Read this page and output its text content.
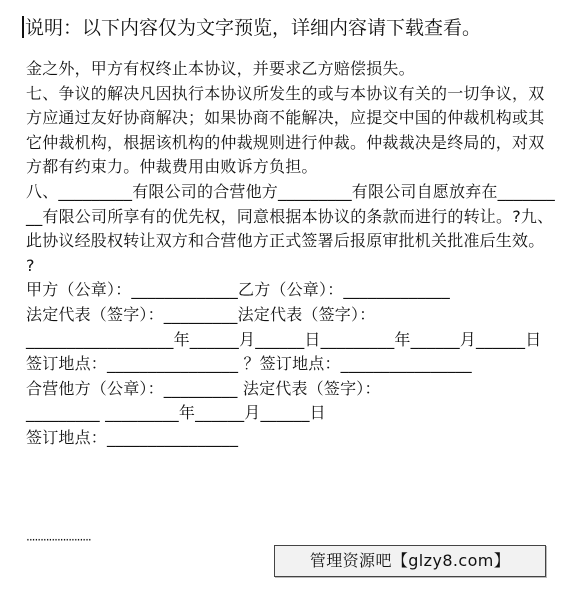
说明：以下内容仅为文字预览，详细内容请下载查看。

金之外，甲方有权终止本协议，并要求乙方赔偿损失。

七、争议的解决凡因执行本协议所发生的或与本协议有关的一切争议，双方应通过友好协商解决；如果协商不能解决，应提交中国的仲裁机构或其它仲裁机构，根据该机构的仲裁规则进行仲裁。仲裁裁决是终局的，对双方都有约束力。仲裁费用由败诉方负担。

八、_________有限公司的合营他方_________有限公司自愿放弃在_________有限公司所享有的优先权，同意根据本协议的条款而进行的转让。?九、此协议经股权转让双方和合营他方正式签署后报原审批机关批准后生效。

?

甲方（公章）：_____________乙方（公章）：_____________

法定代表（签字）：_________法定代表（签字）：

__________________年______月______日_________年______月______日签订地点：________________ ？签订地点：________________

合营他方（公章）：_________ 法定代表（签字）：

_________ _________年______月______日

签订地点：________________

·······················
管理资源吧【glzy8.com】
